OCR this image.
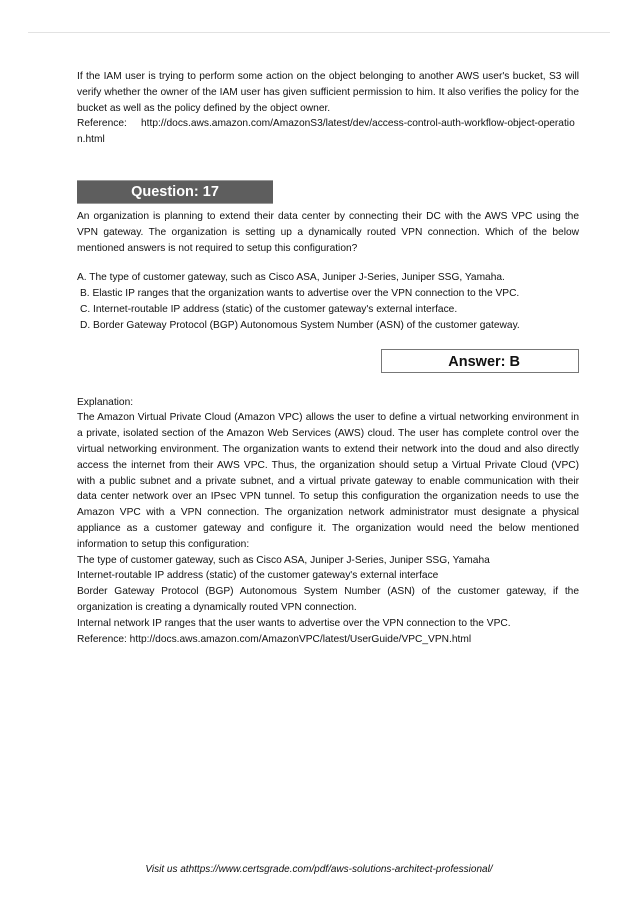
If the IAM user is trying to perform some action on the object belonging to another AWS user's bucket, S3 will verify whether the owner of the IAM user has given sufficient permission to him. It also verifies the policy for the bucket as well as the policy defined by the object owner.

Reference: http://docs.aws.amazon.com/AmazonS3/latest/dev/access-control-auth-workflow-object-operation.html

Question: 17

An organization is planning to extend their data center by connecting their DC with the AWS VPC using the VPN gateway. The organization is setting up a dynamically routed VPN connection. Which of the below mentioned answers is not required to setup this configuration?

A. The type of customer gateway, such as Cisco ASA, Juniper J-Series, Juniper SSG, Yamaha.

B. Elastic IP ranges that the organization wants to advertise over the VPN connection to the VPC.

C. Internet-routable IP address (static) of the customer gateway's external interface.

D. Border Gateway Protocol (BGP) Autonomous System Number (ASN) of the customer gateway.

Answer: B

Explanation:

The Amazon Virtual Private Cloud (Amazon VPC) allows the user to define a virtual networking environment in a private, isolated section of the Amazon Web Services (AWS) cloud. The user has complete control over the virtual networking environment. The organization wants to extend their network into the doud and also directly access the internet from their AWS VPC. Thus, the organization should setup a Virtual Private Cloud (VPC) with a public subnet and a private subnet, and a virtual private gateway to enable communication with their data center network over an IPsec VPN tunnel. To setup this configuration the organization needs to use the Amazon VPC with a VPN connection. The organization network administrator must designate a physical appliance as a customer gateway and configure it. The organization would need the below mentioned information to setup this configuration:

The type of customer gateway, such as Cisco ASA, Juniper J-Series, Juniper SSG, Yamaha

Internet-routable IP address (static) of the customer gateway's external interface

Border Gateway Protocol (BGP) Autonomous System Number (ASN) of the customer gateway, if the organization is creating a dynamically routed VPN connection.

Internal network IP ranges that the user wants to advertise over the VPN connection to the VPC.

Reference: http://docs.aws.amazon.com/AmazonVPC/latest/UserGuide/VPC_VPN.html

Visit us athttps://www.certsgrade.com/pdf/aws-solutions-architect-professional/
